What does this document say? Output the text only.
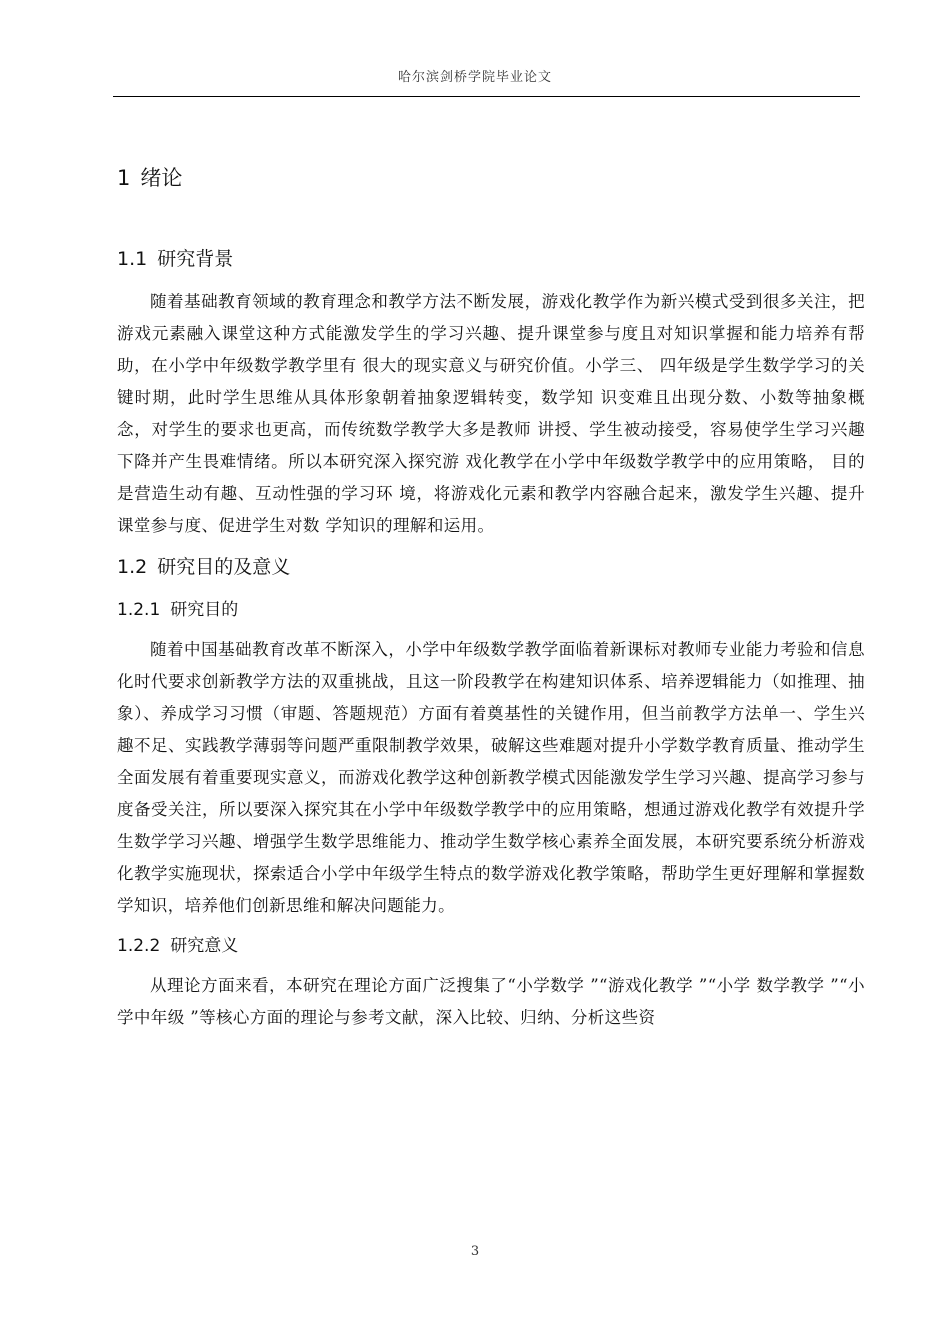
哈尔滨剑桥学院毕业论文
1 绪论
1.1 研究背景

随着基础教育领域的教育理念和教学方法不断发展，游戏化教学作为新兴模式受到很多关注，把游戏元素融入课堂这种方式能激发学生的学习兴趣、提升课堂参与度且对知识掌握和能力培养有帮助，在小学中年级数学教学里有 很大的现实意义与研究价值。小学三、 四年级是学生数学学习的关键时期，此时学生思维从具体形象朝着抽象逻辑转变，数学知 识变难且出现分数、小数等抽象概念，对学生的要求也更高，而传统数学教学大多是教师 讲授、学生被动接受，容易使学生学习兴趣下降并产生畏难情绪。所以本研究深入探究游 戏化教学在小学中年级数学教学中的应用策略， 目的是营造生动有趣、互动性强的学习环 境，将游戏化元素和教学内容融合起来，激发学生兴趣、提升课堂参与度、促进学生对数 学知识的理解和运用。

1.2 研究目的及意义
1.2.1 研究目的

随着中国基础教育改革不断深入，小学中年级数学教学面临着新课标对教师专业能力考验和信息化时代要求创新教学方法的双重挑战，且这一阶段教学在构建知识体系、培养逻辑能力（如推理、抽象）、养成学习习惯（审题、答题规范）方面有着奠基性的关键作用，但当前教学方法单一、学生兴趣不足、实践教学薄弱等问题严重限制教学效果，破解这些难题对提升小学数学教育质量、推动学生全面发展有着重要现实意义，而游戏化教学这种创新教学模式因能激发学生学习兴趣、提高学习参与度备受关注，所以要深入探究其在小学中年级数学教学中的应用策略，想通过游戏化教学有效提升学生数学学习兴趣、增强学生数学思维能力、推动学生数学核心素养全面发展，本研究要系统分析游戏化教学实施现状，探索适合小学中年级学生特点的数学游戏化教学策略，帮助学生更好理解和掌握数学知识，培养他们创新思维和解决问题能力。

1.2.2 研究意义

从理论方面来看，本研究在理论方面广泛搜集了“小学数学 ”“游戏化教学 ”“小学 数学教学 ”“小学中年级 ”等核心方面的理论与参考文献，深入比较、归纳、分析这些资

3
